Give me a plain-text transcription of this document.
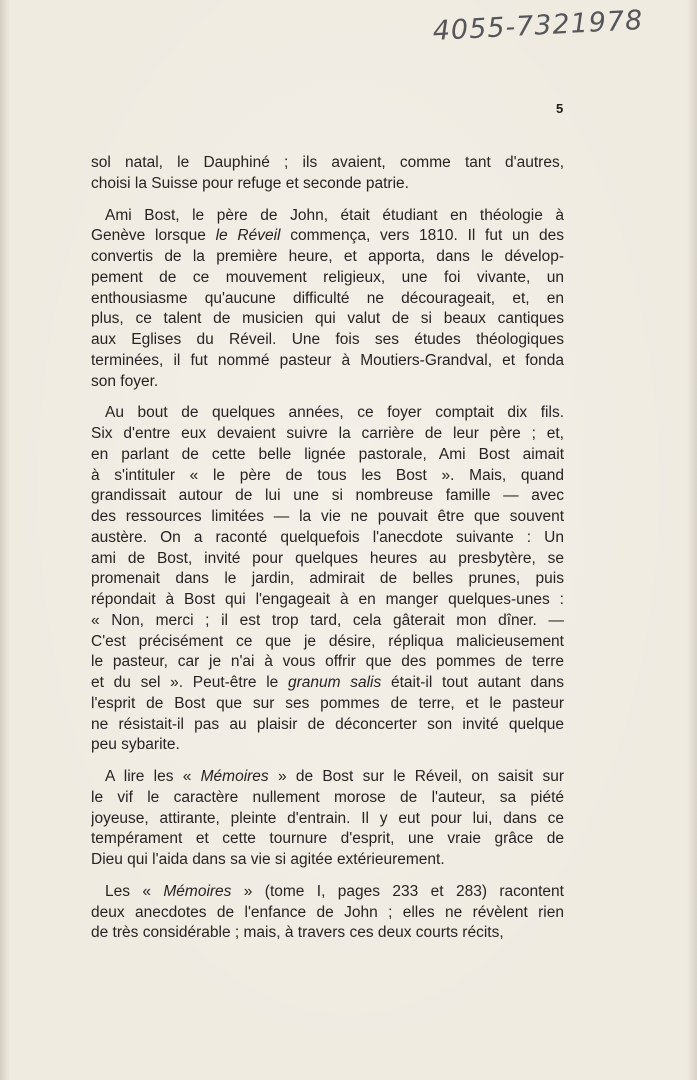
4055-7321978
5
sol natal, le Dauphiné ; ils avaient, comme tant d'autres,
choisi la Suisse pour refuge et seconde patrie.
Ami Bost, le père de John, était étudiant en théologie à
Genève lorsque le Réveil commença, vers 1810. Il fut un des
convertis de la première heure, et apporta, dans le dévelop-
pement de ce mouvement religieux, une foi vivante, un
enthousiasme qu'aucune difficulté ne décourageait, et, en
plus, ce talent de musicien qui valut de si beaux cantiques
aux Eglises du Réveil. Une fois ses études théologiques
terminées, il fut nommé pasteur à Moutiers-Grandval, et fonda
son foyer.
Au bout de quelques années, ce foyer comptait dix fils.
Six d'entre eux devaient suivre la carrière de leur père ; et,
en parlant de cette belle lignée pastorale, Ami Bost aimait
à s'intituler « le père de tous les Bost ». Mais, quand
grandissait autour de lui une si nombreuse famille — avec
des ressources limitées — la vie ne pouvait être que souvent
austère. On a raconté quelquefois l'anecdote suivante : Un
ami de Bost, invité pour quelques heures au presbytère, se
promenait dans le jardin, admirait de belles prunes, puis
répondait à Bost qui l'engageait à en manger quelques-unes :
« Non, merci ; il est trop tard, cela gâterait mon dîner. —
C'est précisément ce que je désire, répliqua malicieusement
le pasteur, car je n'ai à vous offrir que des pommes de terre
et du sel ». Peut-être le granum salis était-il tout autant dans
l'esprit de Bost que sur ses pommes de terre, et le pasteur
ne résistait-il pas au plaisir de déconcerter son invité quelque
peu sybarite.
A lire les « Mémoires » de Bost sur le Réveil, on saisit sur
le vif le caractère nullement morose de l'auteur, sa piété
joyeuse, attirante, pleinte d'entrain. Il y eut pour lui, dans ce
tempérament et cette tournure d'esprit, une vraie grâce de
Dieu qui l'aida dans sa vie si agitée extérieurement.
Les « Mémoires » (tome I, pages 233 et 283) racontent
deux anecdotes de l'enfance de John ; elles ne révèlent rien
de très considérable ; mais, à travers ces deux courts récits,
